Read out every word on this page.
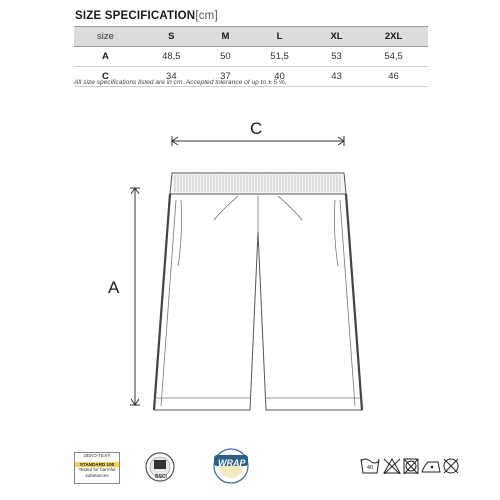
SIZE SPECIFICATION[cm]
size	S	M	L	XL	2XL
A	48,5	50	51,5	53	54,5
C	34	37	40	43	46
All size specifications listed are in cm. Accepted tolerance of up to ± 5 %.
C
A
OEKO-TEX®
STANDARD 100
Tested for harmful substances	BSCI
WRAP	40
